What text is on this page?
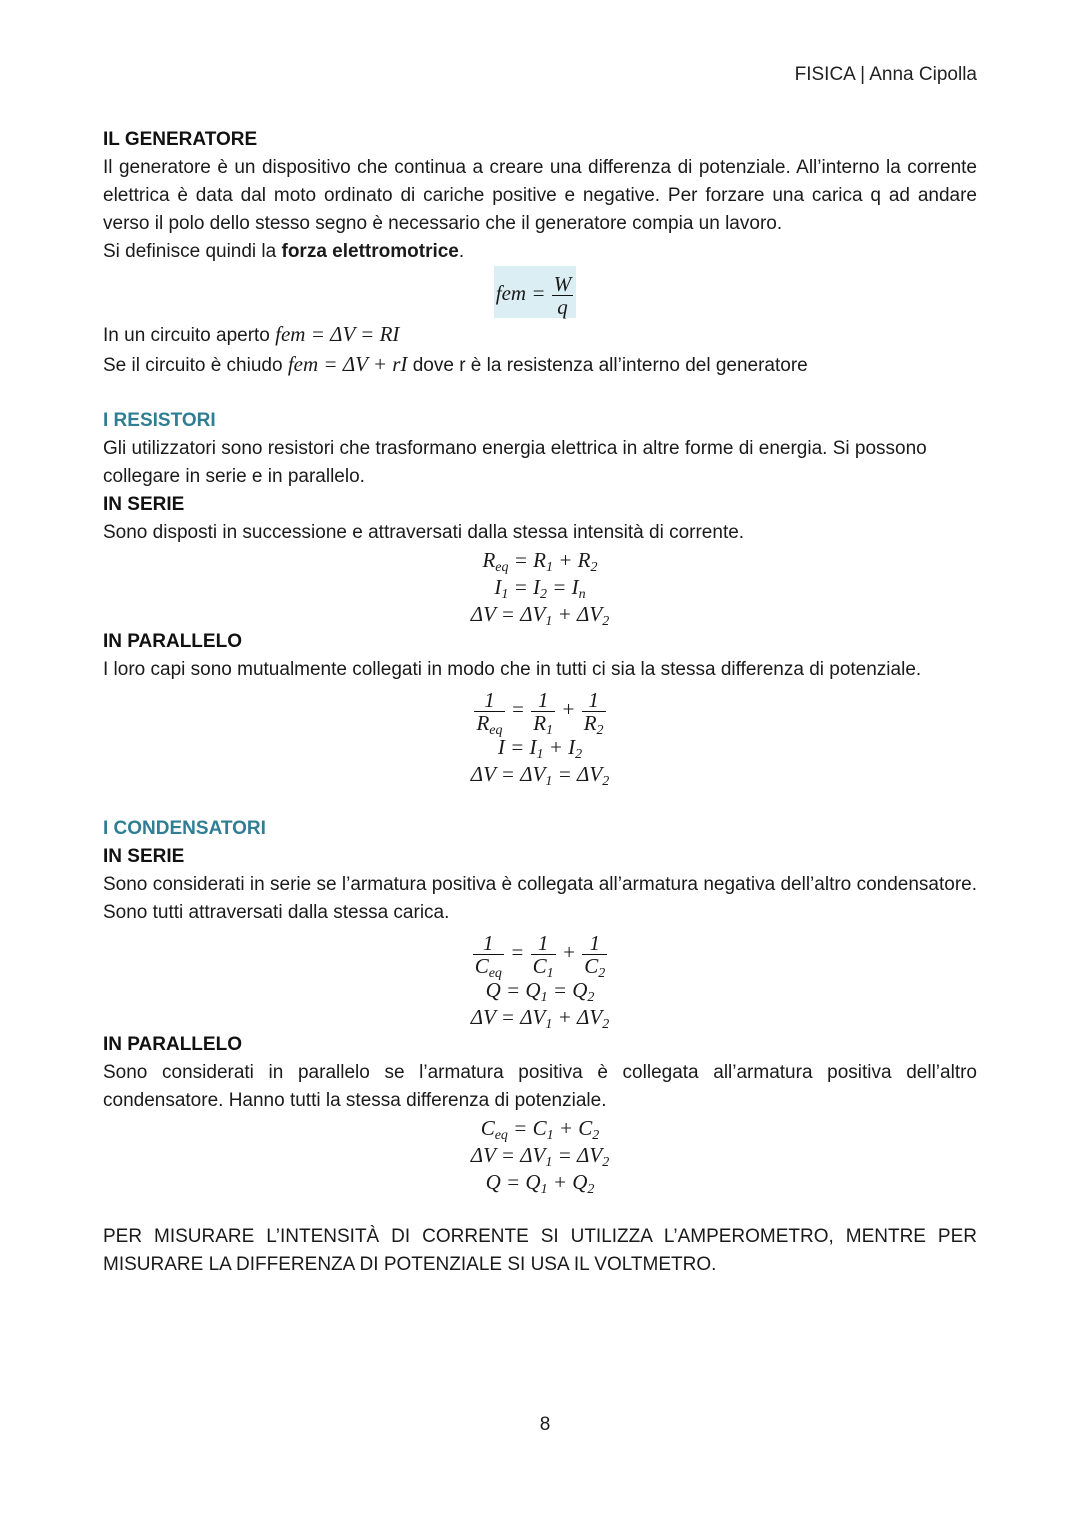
FISICA | Anna Cipolla
IL GENERATORE

Il generatore è un dispositivo che continua a creare una differenza di potenziale. All’interno la corrente elettrica è data dal moto ordinato di cariche positive e negative. Per forzare una carica q ad andare verso il polo dello stesso segno è necessario che il generatore compia un lavoro.

Si definisce quindi la forza elettromotrice.

fem = $\frac{W}{q}$

In un circuito aperto fem = ΔV = RI

Se il circuito è chiudo fem = ΔV + rI dove r è la resistenza all’interno del generatore

I RESISTORI

Gli utilizzatori sono resistori che trasformano energia elettrica in altre forme di energia. Si possono collegare in serie e in parallelo.

IN SERIE

Sono disposti in successione e attraversati dalla stessa intensità di corrente.

$R_{eq} = R_1 + R_2$
$I_1 = I_2 = I_n$
$\Delta V = \Delta V_1 + \Delta V_2$
IN PARALLELO

I loro capi sono mutualmente collegati in modo che in tutti ci sia la stessa differenza di potenziale.

$\frac{1}{R_{eq}} = \frac{1}{R_1} + \frac{1}{R_2}$
$I = I_1 + I_2$
$\Delta V = \Delta V_1 = \Delta V_2$
I CONDENSATORI
IN SERIE

Sono considerati in serie se l’armatura positiva è collegata all’armatura negativa dell’altro condensatore. Sono tutti attraversati dalla stessa carica.

$\frac{1}{C_{eq}} = \frac{1}{C_1} + \frac{1}{C_2}$
$Q = Q_1 = Q_2$
$\Delta V = \Delta V_1 + \Delta V_2$
IN PARALLELO

Sono considerati in parallelo se l’armatura positiva è collegata all’armatura positiva dell’altro condensatore. Hanno tutti la stessa differenza di potenziale.

$C_{eq} = C_1 + C_2$
$\Delta V = \Delta V_1 = \Delta V_2$
$Q = Q_1 + Q_2$

PER MISURARE L’INTENSITÀ DI CORRENTE SI UTILIZZA L’AMPEROMETRO, MENTRE PER MISURARE LA DIFFERENZA DI POTENZIALE SI USA IL VOLTMETRO.

8
